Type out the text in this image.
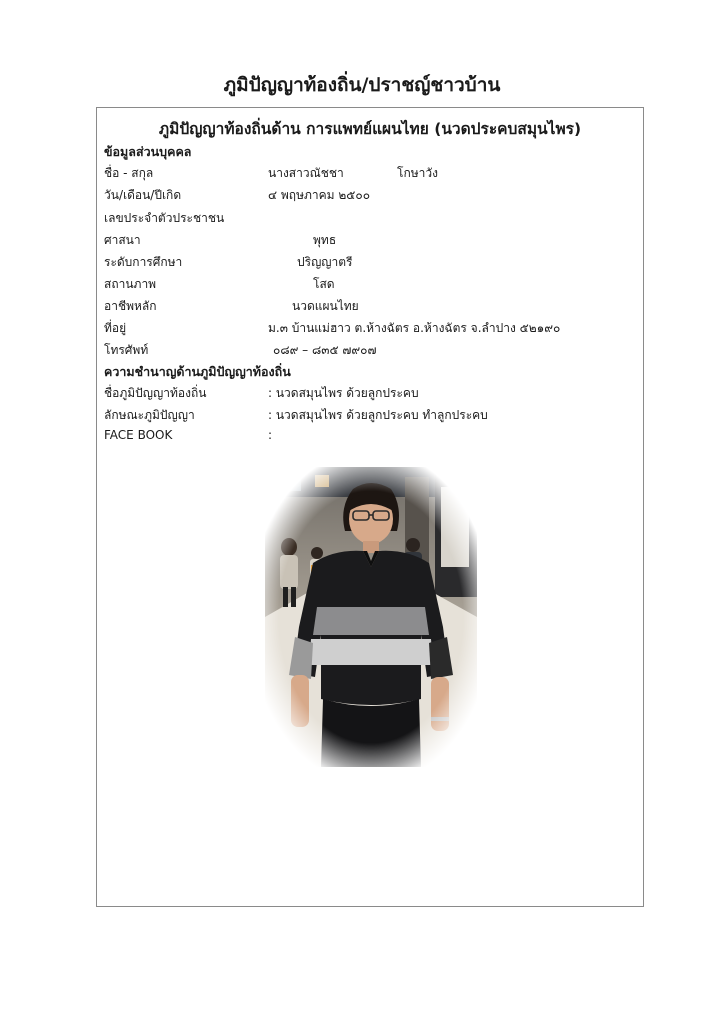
ภูมิปัญญาท้องถิ่น/ปราชญ์ชาวบ้าน
ภูมิปัญญาท้องถิ่นด้าน การแพทย์แผนไทย (นวดประคบสมุนไพร)
ข้อมูลส่วนบุคคล
ชื่อ - สกุล	นางสาวณัชชา	โกษาวัง
วัน/เดือน/ปีเกิด	๔ พฤษภาคม ๒๕๐๐
เลขประจำตัวประชาชน
ศาสนา	พุทธ
ระดับการศึกษา	ปริญญาตรี
สถานภาพ	โสด
อาชีพหลัก	นวดแผนไทย
ที่อยู่	ม.๓ บ้านแม่ฮาว ต.ห้างฉัตร อ.ห้างฉัตร จ.ลำปาง ๕๒๑๙๐
โทรศัพท์	๐๘๙ – ๘๓๕ ๗๙๐๗
ความชำนาญด้านภูมิปัญญาท้องถิ่น
ชื่อภูมิปัญญาท้องถิ่น	: นวดสมุนไพร ด้วยลูกประคบ
ลักษณะภูมิปัญญา	: นวดสมุนไพร ด้วยลูกประคบ ทำลูกประคบ
FACE BOOK	:
